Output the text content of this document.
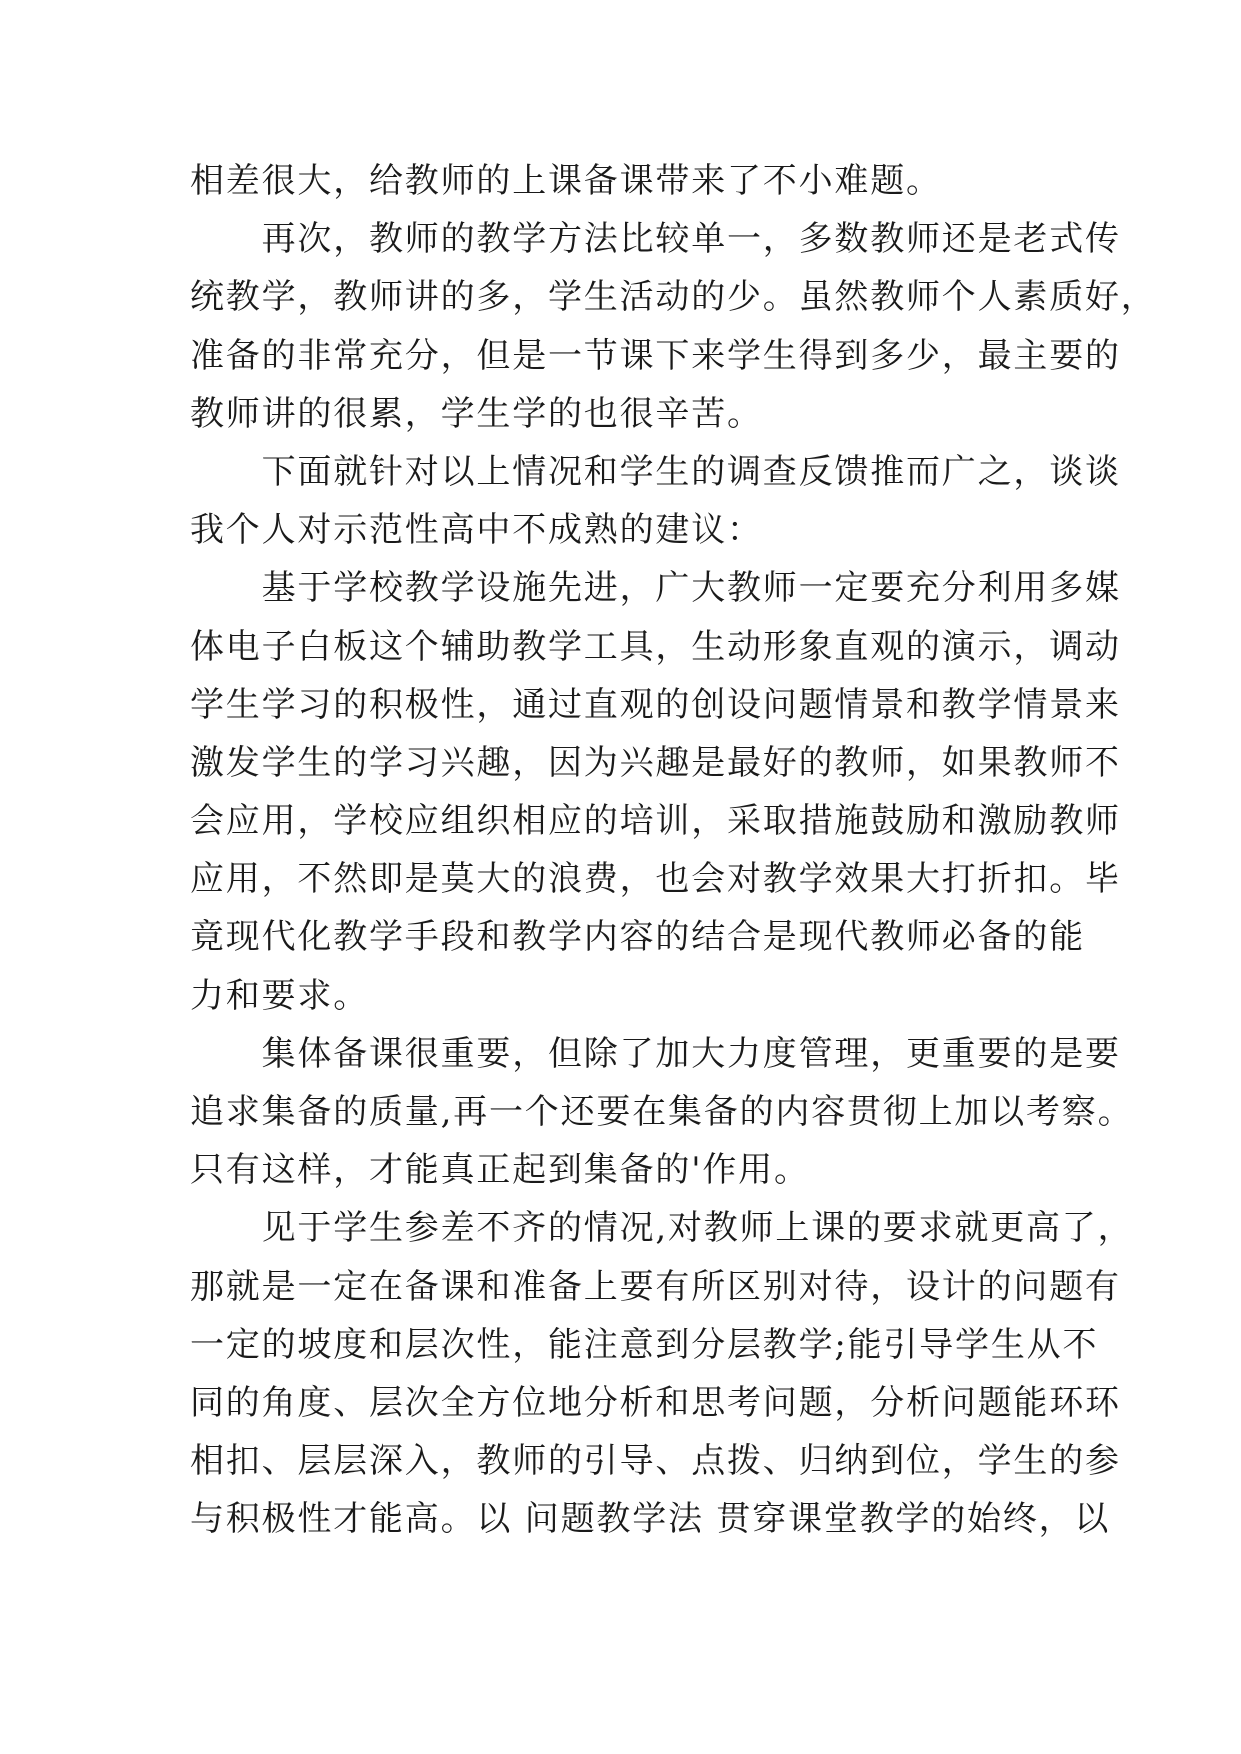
相差很大，给教师的上课备课带来了不小难题。
　　再次，教师的教学方法比较单一，多数教师还是老式传
统教学，教师讲的多，学生活动的少。虽然教师个人素质好，
准备的非常充分，但是一节课下来学生得到多少，最主要的
教师讲的很累，学生学的也很辛苦。
　　下面就针对以上情况和学生的调查反馈推而广之，谈谈
我个人对示范性高中不成熟的建议：
　　基于学校教学设施先进，广大教师一定要充分利用多媒
体电子白板这个辅助教学工具，生动形象直观的演示，调动
学生学习的积极性，通过直观的创设问题情景和教学情景来
激发学生的学习兴趣，因为兴趣是最好的教师，如果教师不
会应用，学校应组织相应的培训，采取措施鼓励和激励教师
应用，不然即是莫大的浪费，也会对教学效果大打折扣。毕
竟现代化教学手段和教学内容的结合是现代教师必备的能
力和要求。
　　集体备课很重要，但除了加大力度管理，更重要的是要
追求集备的质量,再一个还要在集备的内容贯彻上加以考察。
只有这样，才能真正起到集备的'作用。
　　见于学生参差不齐的情况,对教师上课的要求就更高了，
那就是一定在备课和准备上要有所区别对待，设计的问题有
一定的坡度和层次性，能注意到分层教学;能引导学生从不
同的角度、层次全方位地分析和思考问题，分析问题能环环
相扣、层层深入，教师的引导、点拨、归纳到位，学生的参
与积极性才能高。以 问题教学法 贯穿课堂教学的始终，以
